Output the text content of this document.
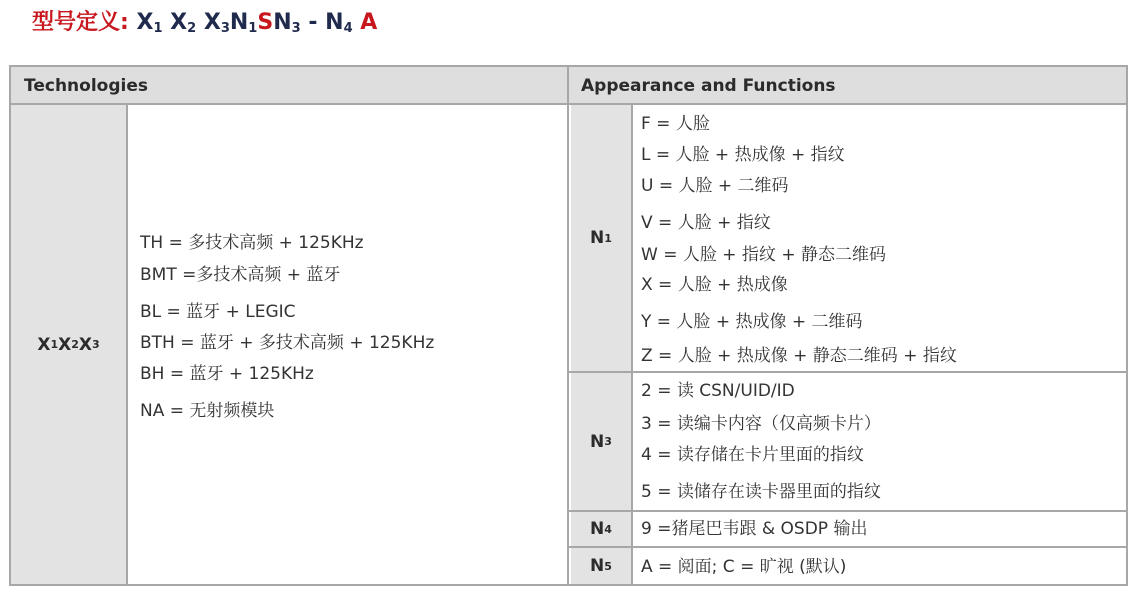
型号定义: $X_1$ $X_2$ $X_3N_1SN_3 - N_4$ A
Technologies	Appearance and Functions
X 1 X 2 X 3
TH = 多技术高频 + 125KHz
BMT =多技术高频 + 蓝牙
BL = 蓝牙 + LEGIC
BTH = 蓝牙 + 多技术高频 + 125KHz
BH = 蓝牙 + 125KHz
NA = 无射频模块
N 1
F = 人脸
L = 人脸 + 热成像 + 指纹
U = 人脸 + 二维码
V = 人脸 + 指纹
W = 人脸 + 指纹 + 静态二维码
X = 人脸 + 热成像
Y = 人脸 + 热成像 + 二维码
Z = 人脸 + 热成像 + 静态二维码 + 指纹
N 3
2 = 读 CSN/UID/ID
3 = 读编卡内容（仅高频卡片）
4 = 读存储在卡片里面的指纹
5 = 读储存在读卡器里面的指纹
N 4 9 =猪尾巴韦跟 & OSDP 输出
N 5 A = 阅面; C = 旷视 (默认)
